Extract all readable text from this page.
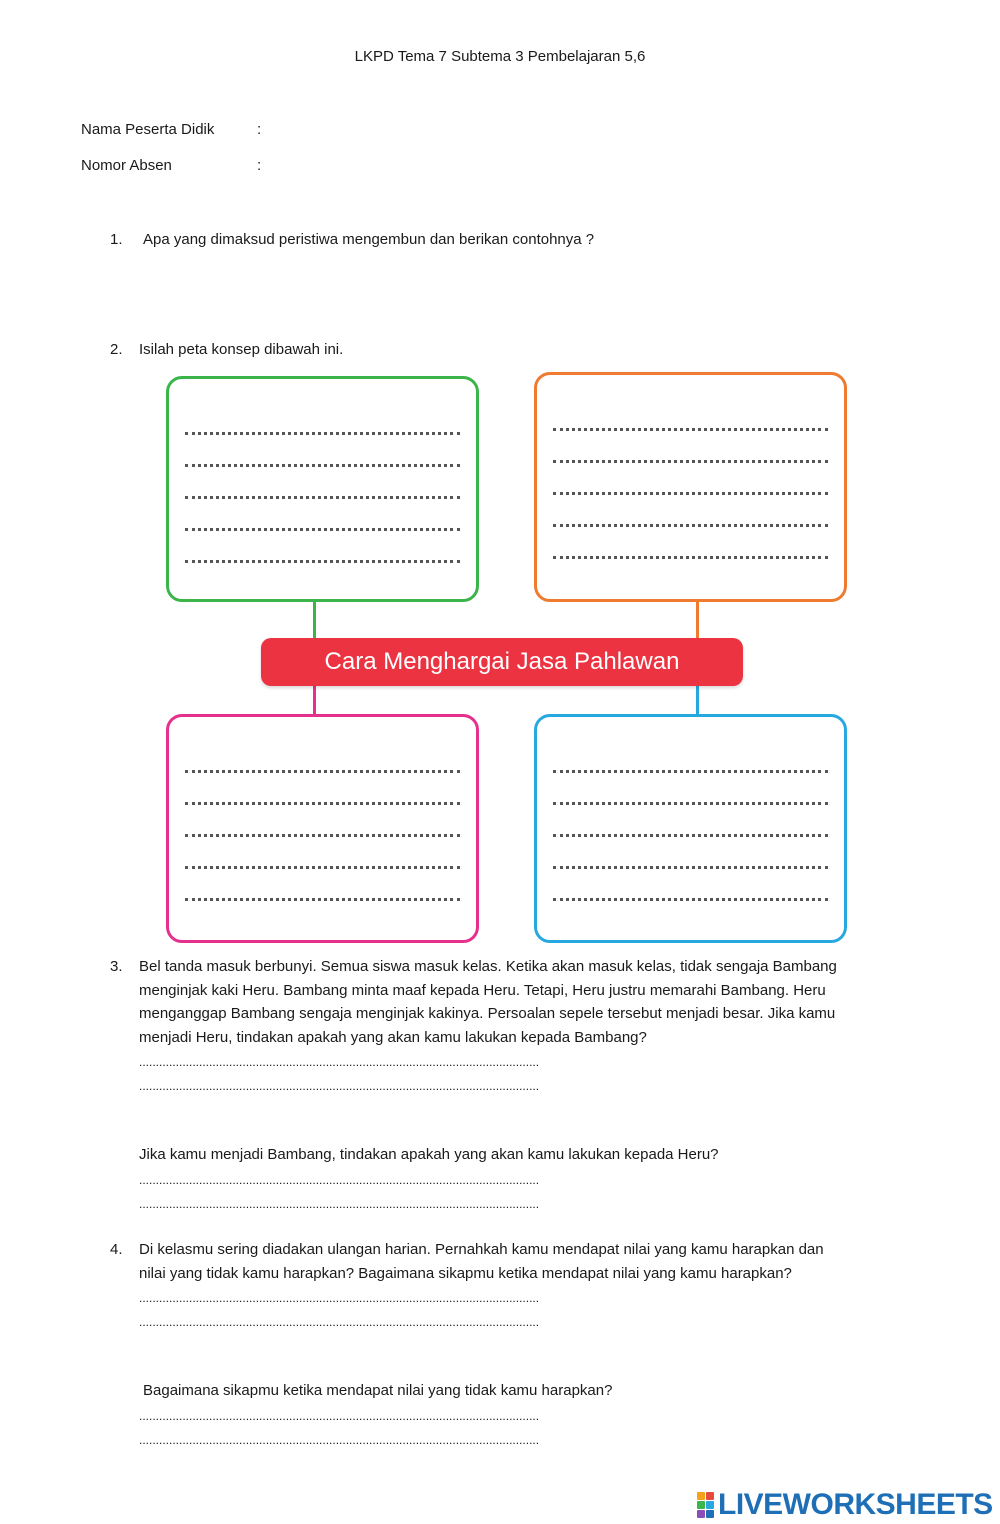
LKPD Tema 7 Subtema 3 Pembelajaran 5,6
Nama Peserta Didik	:
Nomor Absen	:
1. Apa yang dimaksud peristiwa mengembun dan berikan contohnya ?
2. Isilah peta konsep dibawah ini.
Cara Menghargai Jasa Pahlawan
3. Bel tanda masuk berbunyi. Semua siswa masuk kelas. Ketika akan masuk kelas, tidak sengaja Bambang
menginjak kaki Heru. Bambang minta maaf kepada Heru. Tetapi, Heru justru memarahi Bambang. Heru
menganggap Bambang sengaja menginjak kakinya. Persoalan sepele tersebut menjadi besar. Jika kamu
menjadi Heru, tindakan apakah yang akan kamu lakukan kepada Bambang?
........................................................................................................................
........................................................................................................................
Jika kamu menjadi Bambang, tindakan apakah yang akan kamu lakukan kepada Heru?
........................................................................................................................
........................................................................................................................
4. Di kelasmu sering diadakan ulangan harian. Pernahkah kamu mendapat nilai yang kamu harapkan dan
nilai yang tidak kamu harapkan? Bagaimana sikapmu ketika mendapat nilai yang kamu harapkan?
........................................................................................................................
........................................................................................................................
Bagaimana sikapmu ketika mendapat nilai yang tidak kamu harapkan?
........................................................................................................................
........................................................................................................................
LIVEWORKSHEETS
